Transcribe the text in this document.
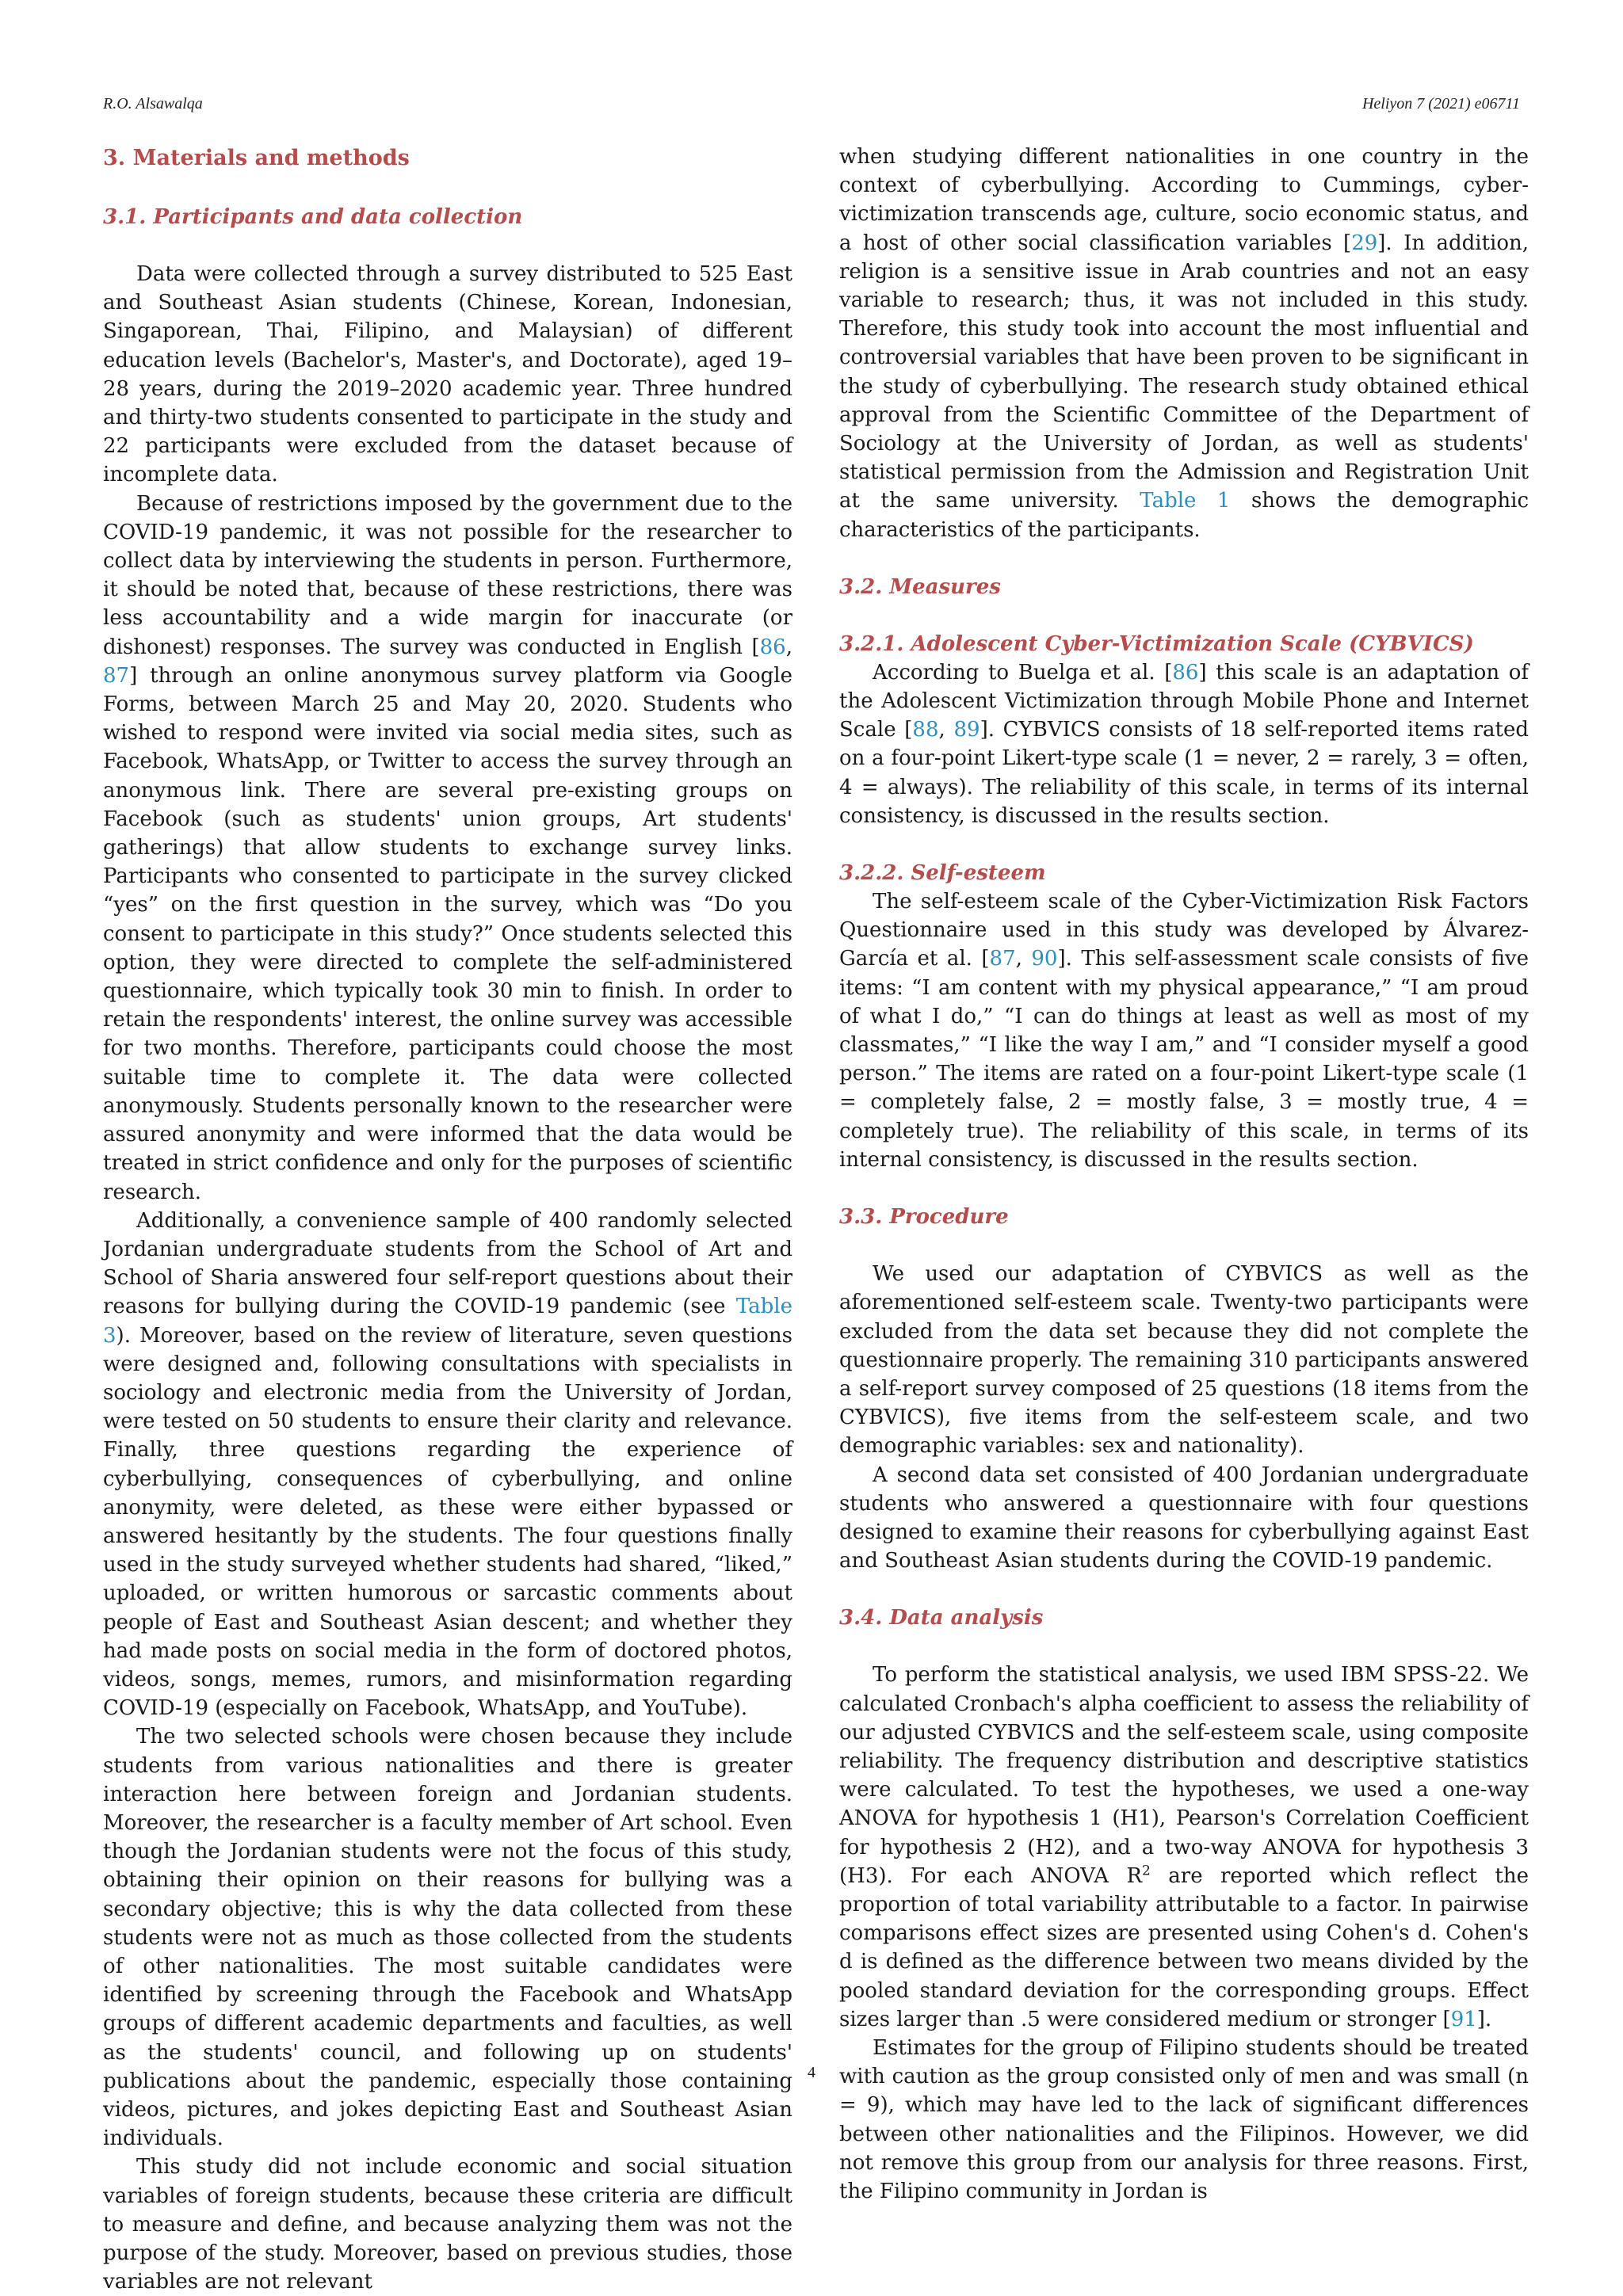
R.O. Alsawalqa	Heliyon 7 (2021) e06711
3. Materials and methods
3.1. Participants and data collection

Data were collected through a survey distributed to 525 East and Southeast Asian students (Chinese, Korean, Indonesian, Singaporean, Thai, Filipino, and Malaysian) of different education levels (Bachelor's, Master's, and Doctorate), aged 19–28 years, during the 2019–2020 academic year. Three hundred and thirty-two students consented to participate in the study and 22 participants were excluded from the dataset because of incomplete data.

Because of restrictions imposed by the government due to the COVID-19 pandemic, it was not possible for the researcher to collect data by interviewing the students in person. Furthermore, it should be noted that, because of these restrictions, there was less accountability and a wide margin for inaccurate (or dishonest) responses. The survey was conducted in English [86, 87] through an online anonymous survey platform via Google Forms, between March 25 and May 20, 2020. Students who wished to respond were invited via social media sites, such as Facebook, WhatsApp, or Twitter to access the survey through an anonymous link. There are several pre-existing groups on Facebook (such as students' union groups, Art students' gatherings) that allow students to exchange survey links. Participants who consented to participate in the survey clicked “yes” on the first question in the survey, which was “Do you consent to participate in this study?” Once students selected this option, they were directed to complete the self-administered questionnaire, which typically took 30 min to finish. In order to retain the respondents' interest, the online survey was accessible for two months. Therefore, participants could choose the most suitable time to complete it. The data were collected anonymously. Students personally known to the researcher were assured anonymity and were informed that the data would be treated in strict confidence and only for the purposes of scientific research.

Additionally, a convenience sample of 400 randomly selected Jordanian undergraduate students from the School of Art and School of Sharia answered four self-report questions about their reasons for bullying during the COVID-19 pandemic (see Table 3). Moreover, based on the review of literature, seven questions were designed and, following consultations with specialists in sociology and electronic media from the University of Jordan, were tested on 50 students to ensure their clarity and relevance. Finally, three questions regarding the experience of cyberbullying, consequences of cyberbullying, and online anonymity, were deleted, as these were either bypassed or answered hesitantly by the students. The four questions finally used in the study surveyed whether students had shared, “liked,” uploaded, or written humorous or sarcastic comments about people of East and Southeast Asian descent; and whether they had made posts on social media in the form of doctored photos, videos, songs, memes, rumors, and misinformation regarding COVID-19 (especially on Facebook, WhatsApp, and YouTube).

The two selected schools were chosen because they include students from various nationalities and there is greater interaction here between foreign and Jordanian students. Moreover, the researcher is a faculty member of Art school. Even though the Jordanian students were not the focus of this study, obtaining their opinion on their reasons for bullying was a secondary objective; this is why the data collected from these students were not as much as those collected from the students of other nationalities. The most suitable candidates were identified by screening through the Facebook and WhatsApp groups of different academic departments and faculties, as well as the students' council, and following up on students' publications about the pandemic, especially those containing videos, pictures, and jokes depicting East and Southeast Asian individuals.

This study did not include economic and social situation variables of foreign students, because these criteria are difficult to measure and define, and because analyzing them was not the purpose of the study. Moreover, based on previous studies, those variables are not relevant

when studying different nationalities in one country in the context of cyberbullying. According to Cummings, cyber-victimization transcends age, culture, socio economic status, and a host of other social classification variables [29]. In addition, religion is a sensitive issue in Arab countries and not an easy variable to research; thus, it was not included in this study. Therefore, this study took into account the most influential and controversial variables that have been proven to be significant in the study of cyberbullying. The research study obtained ethical approval from the Scientific Committee of the Department of Sociology at the University of Jordan, as well as students' statistical permission from the Admission and Registration Unit at the same university. Table 1 shows the demographic characteristics of the participants.

3.2. Measures
3.2.1. Adolescent Cyber-Victimization Scale (CYBVICS)

According to Buelga et al. [86] this scale is an adaptation of the Adolescent Victimization through Mobile Phone and Internet Scale [88, 89]. CYBVICS consists of 18 self-reported items rated on a four-point Likert-type scale (1 = never, 2 = rarely, 3 = often, 4 = always). The reliability of this scale, in terms of its internal consistency, is discussed in the results section.

3.2.2. Self-esteem

The self-esteem scale of the Cyber-Victimization Risk Factors Questionnaire used in this study was developed by Álvarez-García et al. [87, 90]. This self-assessment scale consists of five items: “I am content with my physical appearance,” “I am proud of what I do,” “I can do things at least as well as most of my classmates,” “I like the way I am,” and “I consider myself a good person.” The items are rated on a four-point Likert-type scale (1 = completely false, 2 = mostly false, 3 = mostly true, 4 = completely true). The reliability of this scale, in terms of its internal consistency, is discussed in the results section.

3.3. Procedure

We used our adaptation of CYBVICS as well as the aforementioned self-esteem scale. Twenty-two participants were excluded from the data set because they did not complete the questionnaire properly. The remaining 310 participants answered a self-report survey composed of 25 questions (18 items from the CYBVICS), five items from the self-esteem scale, and two demographic variables: sex and nationality).

A second data set consisted of 400 Jordanian undergraduate students who answered a questionnaire with four questions designed to examine their reasons for cyberbullying against East and Southeast Asian students during the COVID-19 pandemic.

3.4. Data analysis

To perform the statistical analysis, we used IBM SPSS-22. We calculated Cronbach's alpha coefficient to assess the reliability of our adjusted CYBVICS and the self-esteem scale, using composite reliability. The frequency distribution and descriptive statistics were calculated. To test the hypotheses, we used a one-way ANOVA for hypothesis 1 (H1), Pearson's Correlation Coefficient for hypothesis 2 (H2), and a two-way ANOVA for hypothesis 3 (H3). For each ANOVA $R^2$ are reported which reflect the proportion of total variability attributable to a factor. In pairwise comparisons effect sizes are presented using Cohen's d. Cohen's d is defined as the difference between two means divided by the pooled standard deviation for the corresponding groups. Effect sizes larger than .5 were considered medium or stronger [91].

Estimates for the group of Filipino students should be treated with caution as the group consisted only of men and was small (n = 9), which may have led to the lack of significant differences between other nationalities and the Filipinos. However, we did not remove this group from our analysis for three reasons. First, the Filipino community in Jordan is

4
